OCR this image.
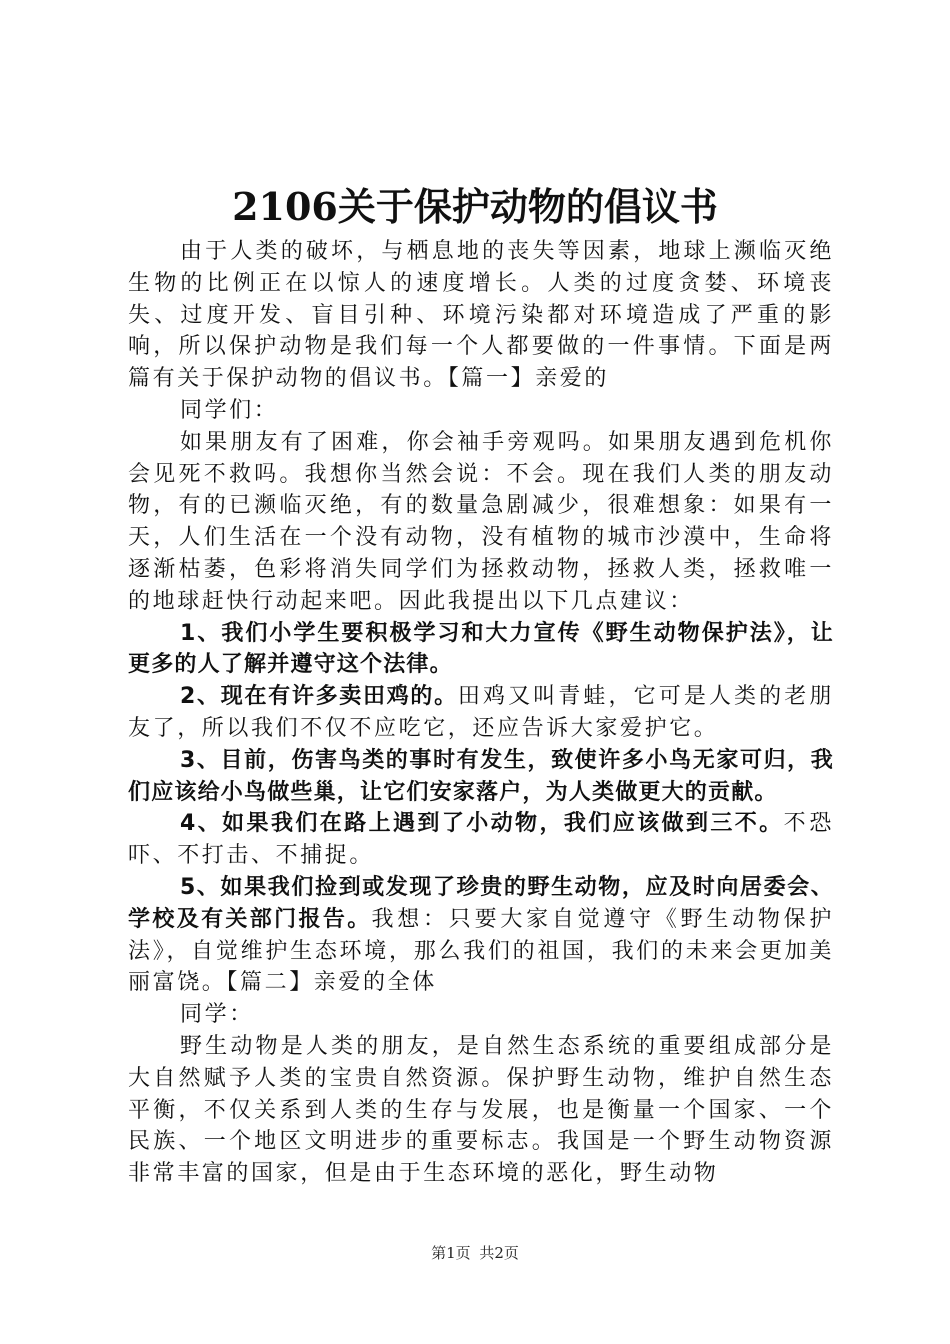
2106关于保护动物的倡议书

由于人类的破坏，与栖息地的丧失等因素，地球上濒临灭绝生物的比例正在以惊人的速度增长。人类的过度贪婪、环境丧失、过度开发、盲目引种、环境污染都对环境造成了严重的影响，所以保护动物是我们每一个人都要做的一件事情。下面是两篇有关于保护动物的倡议书。【篇一】亲爱的

同学们：

如果朋友有了困难，你会袖手旁观吗。如果朋友遇到危机你会见死不救吗。我想你当然会说：不会。现在我们人类的朋友动物，有的已濒临灭绝，有的数量急剧减少，很难想象：如果有一天，人们生活在一个没有动物，没有植物的城市沙漠中，生命将逐渐枯萎，色彩将消失同学们为拯救动物，拯救人类，拯救唯一的地球赶快行动起来吧。因此我提出以下几点建议：

1、我们小学生要积极学习和大力宣传《野生动物保护法》，让更多的人了解并遵守这个法律。

2、现在有许多卖田鸡的。田鸡又叫青蛙，它可是人类的老朋友了，所以我们不仅不应吃它，还应告诉大家爱护它。

3、目前，伤害鸟类的事时有发生，致使许多小鸟无家可归，我们应该给小鸟做些巢，让它们安家落户，为人类做更大的贡献。

4、如果我们在路上遇到了小动物，我们应该做到三不。不恐吓、不打击、不捕捉。

5、如果我们捡到或发现了珍贵的野生动物，应及时向居委会、学校及有关部门报告。我想：只要大家自觉遵守《野生动物保护法》，自觉维护生态环境，那么我们的祖国，我们的未来会更加美丽富饶。【篇二】亲爱的全体

同学：

野生动物是人类的朋友，是自然生态系统的重要组成部分是大自然赋予人类的宝贵自然资源。保护野生动物，维护自然生态平衡，不仅关系到人类的生存与发展，也是衡量一个国家、一个民族、一个地区文明进步的重要标志。我国是一个野生动物资源非常丰富的国家，但是由于生态环境的恶化，野生动物

第1页 共2页
